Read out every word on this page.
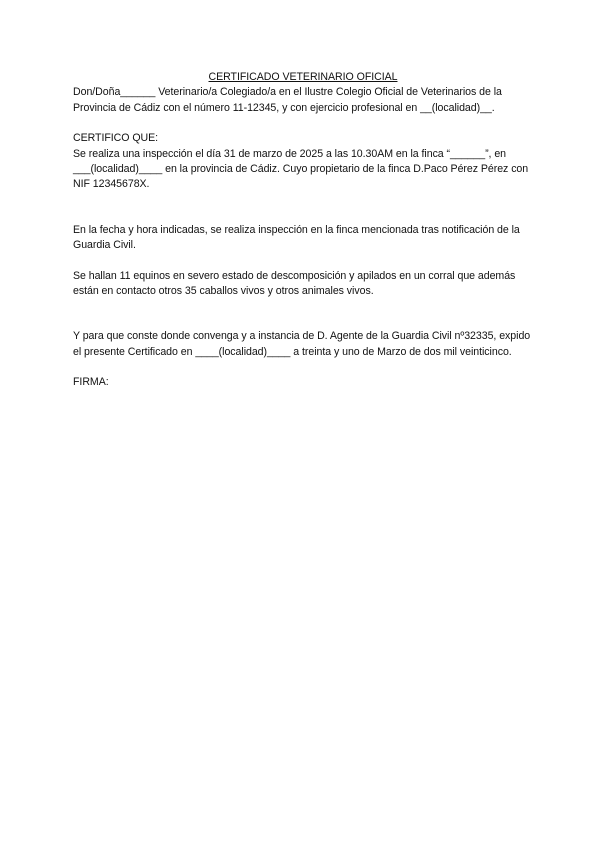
CERTIFICADO VETERINARIO OFICIAL

Don/Doña______ Veterinario/a Colegiado/a en el Ilustre Colegio Oficial de Veterinarios de la Provincia de Cádiz con el número 11-12345, y con ejercicio profesional en __(localidad)__.

CERTIFICO QUE:

Se realiza una inspección el día 31 de marzo de 2025 a las 10.30AM en la finca “______”, en ___(localidad)____ en la provincia de Cádiz. Cuyo propietario de la finca D.Paco Pérez Pérez con NIF 12345678X.

En la fecha y hora indicadas, se realiza inspección en la finca mencionada tras notificación de la Guardia Civil.

Se hallan 11 equinos en severo estado de descomposición y apilados en un corral que además están en contacto otros 35 caballos vivos y otros animales vivos.

Y para que conste donde convenga y a instancia de D. Agente de la Guardia Civil nº32335, expido el presente Certificado en ____(localidad)____ a treinta y uno de Marzo de dos mil veinticinco.

FIRMA:
